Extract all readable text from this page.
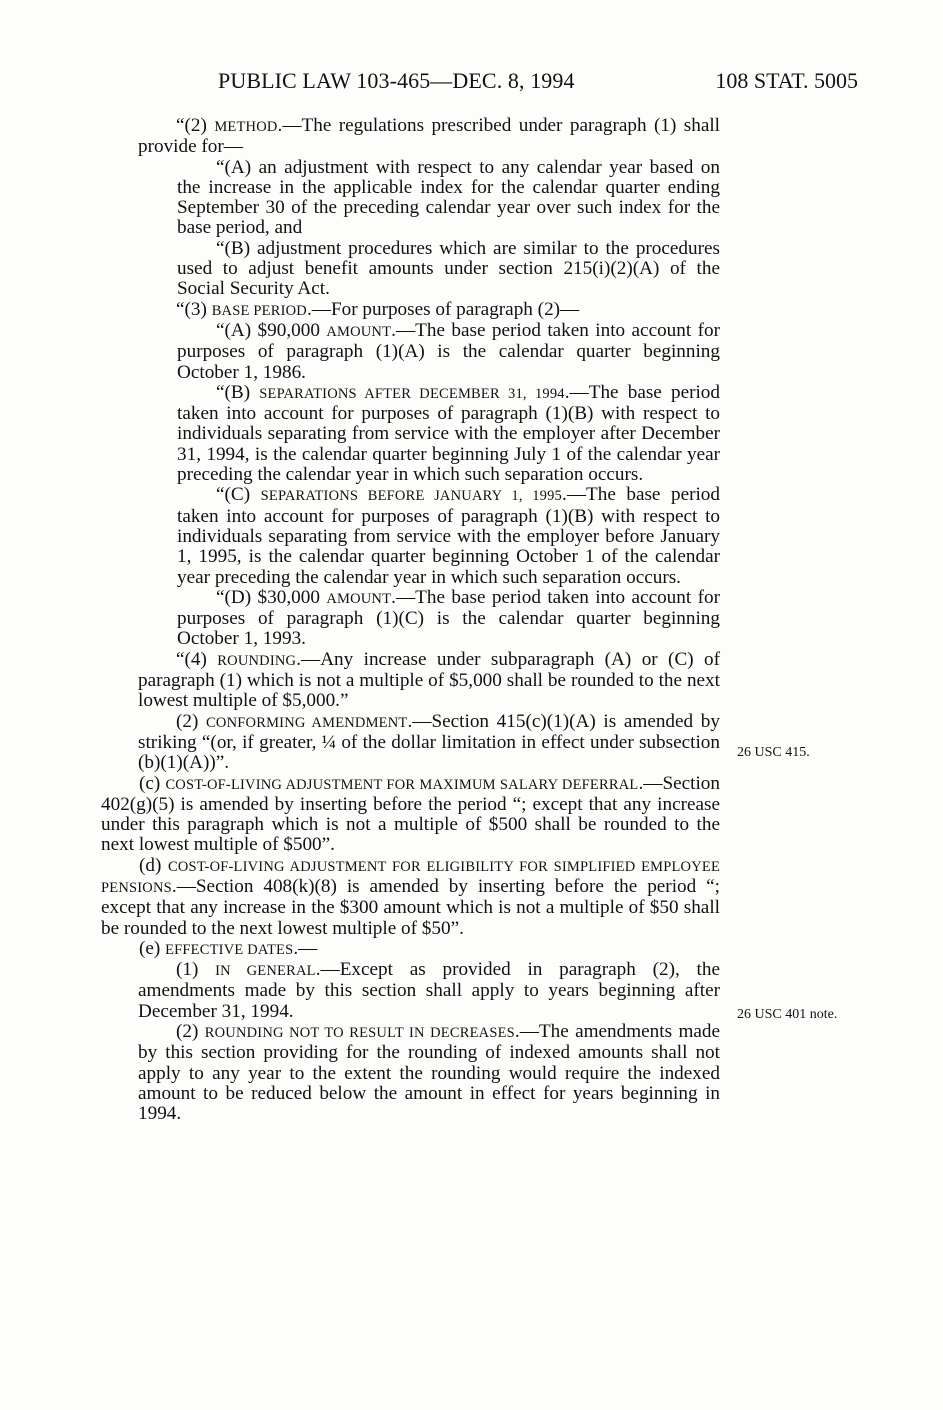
PUBLIC LAW 103-465—DEC. 8, 1994	108 STAT. 5005
26 USC 415.
26 USC 401 note.

“(2) METHOD.—The regulations prescribed under paragraph (1) shall provide for—

“(A) an adjustment with respect to any calendar year based on the increase in the applicable index for the calendar quarter ending September 30 of the preceding calendar year over such index for the base period, and

“(B) adjustment procedures which are similar to the procedures used to adjust benefit amounts under section 215(i)(2)(A) of the Social Security Act.

“(3) BASE PERIOD.—For purposes of paragraph (2)—

“(A) $90,000 AMOUNT.—The base period taken into account for purposes of paragraph (1)(A) is the calendar quarter beginning October 1, 1986.

“(B) SEPARATIONS AFTER DECEMBER 31, 1994.—The base period taken into account for purposes of paragraph (1)(B) with respect to individuals separating from service with the employer after December 31, 1994, is the calendar quarter beginning July 1 of the calendar year preceding the calendar year in which such separation occurs.

“(C) SEPARATIONS BEFORE JANUARY 1, 1995.—The base period taken into account for purposes of paragraph (1)(B) with respect to individuals separating from service with the employer before January 1, 1995, is the calendar quarter beginning October 1 of the calendar year preceding the calendar year in which such separation occurs.

“(D) $30,000 AMOUNT.—The base period taken into account for purposes of paragraph (1)(C) is the calendar quarter beginning October 1, 1993.

“(4) ROUNDING.—Any increase under subparagraph (A) or (C) of paragraph (1) which is not a multiple of $5,000 shall be rounded to the next lowest multiple of $5,000.”

(2) CONFORMING AMENDMENT.—Section 415(c)(1)(A) is amended by striking “(or, if greater, ¼ of the dollar limitation in effect under subsection (b)(1)(A))”.

(c) COST-OF-LIVING ADJUSTMENT FOR MAXIMUM SALARY DEFERRAL.—Section 402(g)(5) is amended by inserting before the period “; except that any increase under this paragraph which is not a multiple of $500 shall be rounded to the next lowest multiple of $500”.

(d) COST-OF-LIVING ADJUSTMENT FOR ELIGIBILITY FOR SIMPLIFIED EMPLOYEE PENSIONS.—Section 408(k)(8) is amended by inserting before the period “; except that any increase in the $300 amount which is not a multiple of $50 shall be rounded to the next lowest multiple of $50”.

(e) EFFECTIVE DATES.—

(1) IN GENERAL.—Except as provided in paragraph (2), the amendments made by this section shall apply to years beginning after December 31, 1994.

(2) ROUNDING NOT TO RESULT IN DECREASES.—The amendments made by this section providing for the rounding of indexed amounts shall not apply to any year to the extent the rounding would require the indexed amount to be reduced below the amount in effect for years beginning in 1994.
